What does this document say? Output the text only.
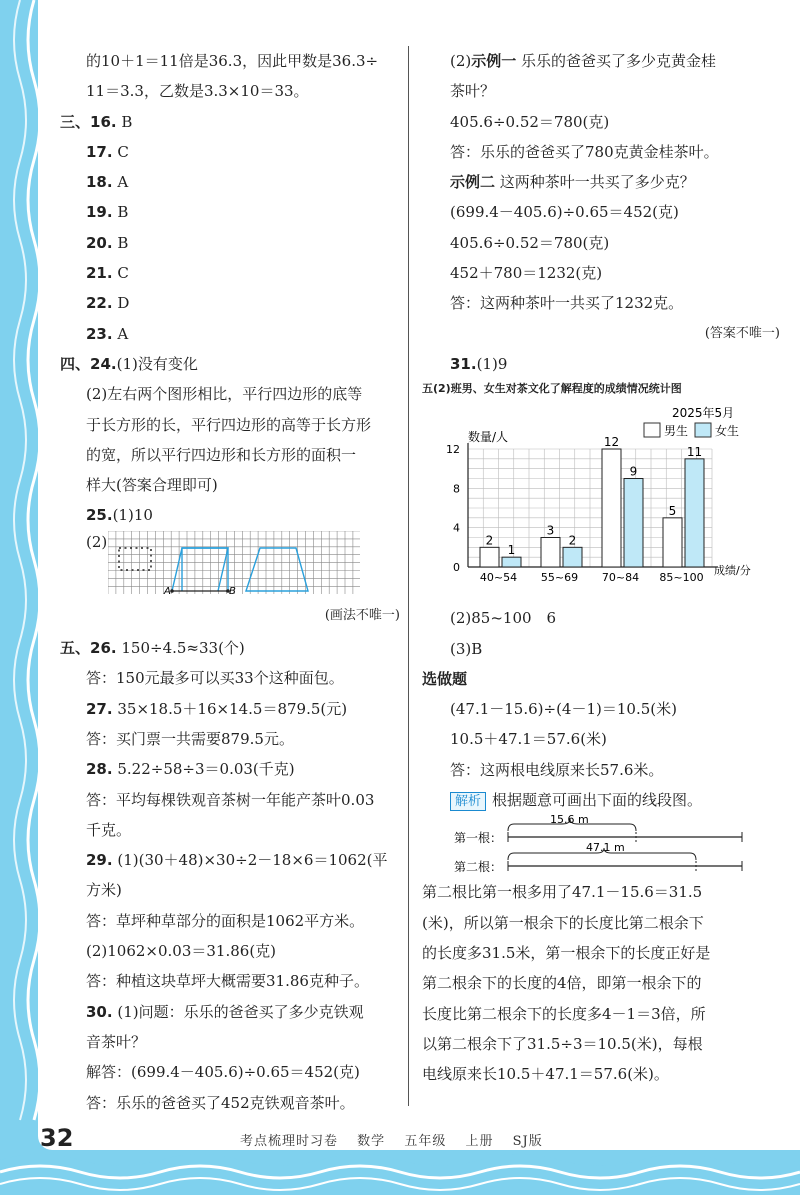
的10＋1＝11倍是36.3，因此甲数是36.3÷
11＝3.3，乙数是3.3×10＝33。
三、16. B
17. C
18. A
19. B
20. B
21. C
22. D
23. A
四、24.(1)没有变化
(2)左右两个图形相比，平行四边形的底等
于长方形的长，平行四边形的高等于长方形
的宽，所以平行四边形和长方形的面积一
样大(答案合理即可)
25.(1)10
(2)
A	B
(画法不唯一)
五、26. 150÷4.5≈33(个)
答：150元最多可以买33个这种面包。
27. 35×18.5＋16×14.5＝879.5(元)
答：买门票一共需要879.5元。
28. 5.22÷58÷3＝0.03(千克)
答：平均每棵铁观音茶树一年能产茶叶0.03
千克。
29. (1)(30＋48)×30÷2－18×6＝1062(平
方米)
答：草坪种草部分的面积是1062平方米。
(2)1062×0.03＝31.86(克)
答：种植这块草坪大概需要31.86克种子。
30. (1)问题：乐乐的爸爸买了多少克铁观
音茶叶？
解答：(699.4－405.6)÷0.65＝452(克)
答：乐乐的爸爸买了452克铁观音茶叶。
(2)示例一 乐乐的爸爸买了多少克黄金桂
茶叶？
405.6÷0.52＝780(克)
答：乐乐的爸爸买了780克黄金桂茶叶。
示例二 这两种茶叶一共买了多少克？
(699.4－405.6)÷0.65＝452(克)
405.6÷0.52＝780(克)
452＋780＝1232(克)
答：这两种茶叶一共买了1232克。
(答案不唯一)
31.(1)9
五(2)班男、女生对茶文化了解程度的成绩情况统计图
2025年5月
男生 女生
数量/人
成绩/分
0
4
8
12
40~54
2
1
55~69
3
2
70~84
12
9
85~100
5
11
(2)85~100　6
(3)B
选做题
(47.1－15.6)÷(4－1)＝10.5(米)
10.5＋47.1＝57.6(米)
答：这两根电线原来长57.6米。
解析 根据题意可画出下面的线段图。
第一根：
第二根：
15.6 m
47.1 m
第二根比第一根多用了47.1－15.6＝31.5
(米)，所以第一根余下的长度比第二根余下
的长度多31.5米，第一根余下的长度正好是
第二根余下的长度的4倍，即第一根余下的
长度比第二根余下的长度多4－1＝3倍，所
以第二根余下了31.5÷3＝10.5(米)，每根
电线原来长10.5＋47.1＝57.6(米)。
32	考点梳理时习卷 数学 五年级 上册 SJ版
